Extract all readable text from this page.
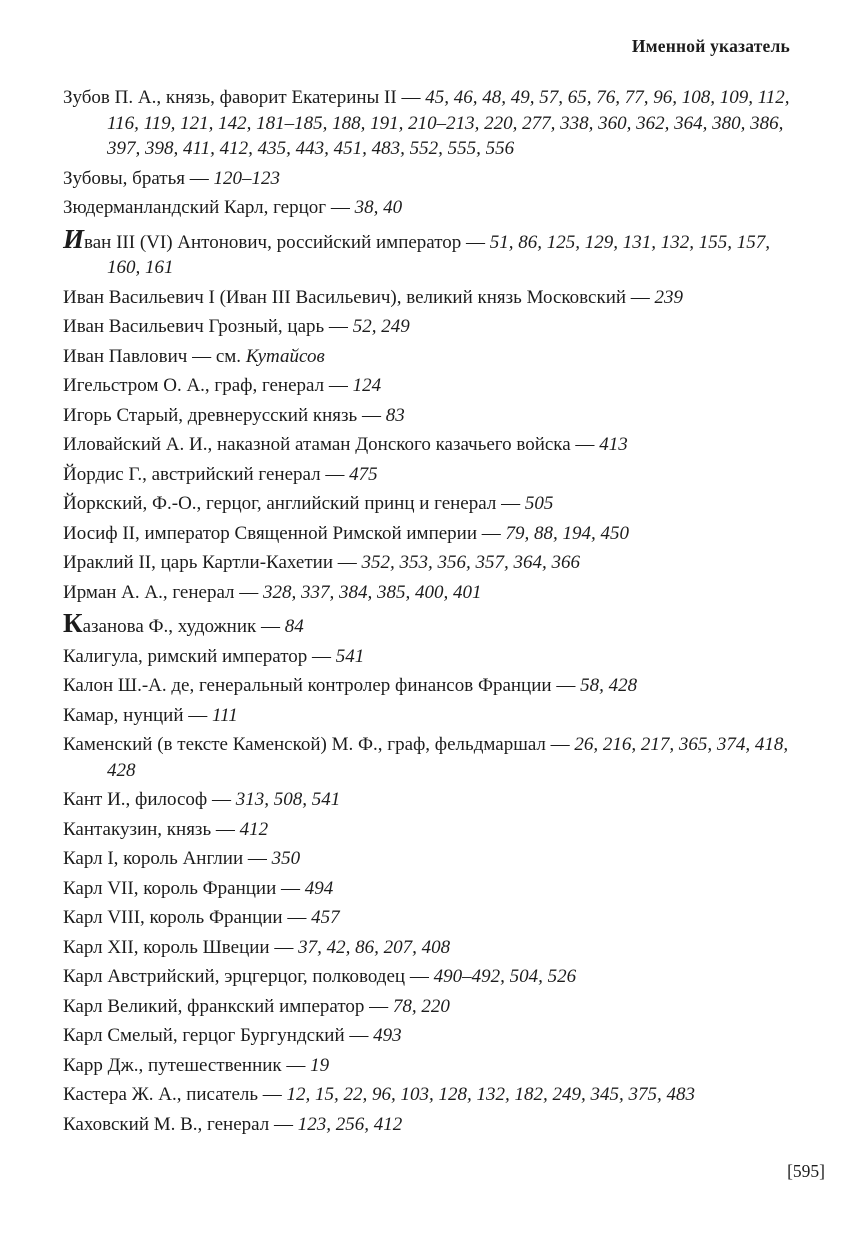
Именной указатель

Зубов П. А., князь, фаворит Екатерины II — 45, 46, 48, 49, 57, 65, 76, 77, 96, 108, 109, 112, 116, 119, 121, 142, 181–185, 188, 191, 210–213, 220, 277, 338, 360, 362, 364, 380, 386, 397, 398, 411, 412, 435, 443, 451, 483, 552, 555, 556

Зубовы, братья — 120–123

Зюдерманландский Карл, герцог — 38, 40

Иван III (VI) Антонович, российский император — 51, 86, 125, 129, 131, 132, 155, 157, 160, 161

Иван Васильевич I (Иван III Васильевич), великий князь Московский — 239

Иван Васильевич Грозный, царь — 52, 249

Иван Павлович — см. Кутайсов

Игельстром О. А., граф, генерал — 124

Игорь Старый, древнерусский князь — 83

Иловайский А. И., наказной атаман Донского казачьего войска — 413

Йордис Г., австрийский генерал — 475

Йоркский, Ф.-О., герцог, английский принц и генерал — 505

Иосиф II, император Священной Римской империи — 79, 88, 194, 450

Ираклий II, царь Картли-Кахетии — 352, 353, 356, 357, 364, 366

Ирман А. А., генерал — 328, 337, 384, 385, 400, 401

Казанова Ф., художник — 84

Калигула, римский император — 541

Калон Ш.-А. де, генеральный контролер финансов Франции — 58, 428

Камар, нунций — 111

Каменский (в тексте Каменской) М. Ф., граф, фельдмаршал — 26, 216, 217, 365, 374, 418, 428

Кант И., философ — 313, 508, 541

Кантакузин, князь — 412

Карл I, король Англии — 350

Карл VII, король Франции — 494

Карл VIII, король Франции — 457

Карл XII, король Швеции — 37, 42, 86, 207, 408

Карл Австрийский, эрцгерцог, полководец — 490–492, 504, 526

Карл Великий, франкский император — 78, 220

Карл Смелый, герцог Бургундский — 493

Карр Дж., путешественник — 19

Кастера Ж. А., писатель — 12, 15, 22, 96, 103, 128, 132, 182, 249, 345, 375, 483

Каховский М. В., генерал — 123, 256, 412

[595]
